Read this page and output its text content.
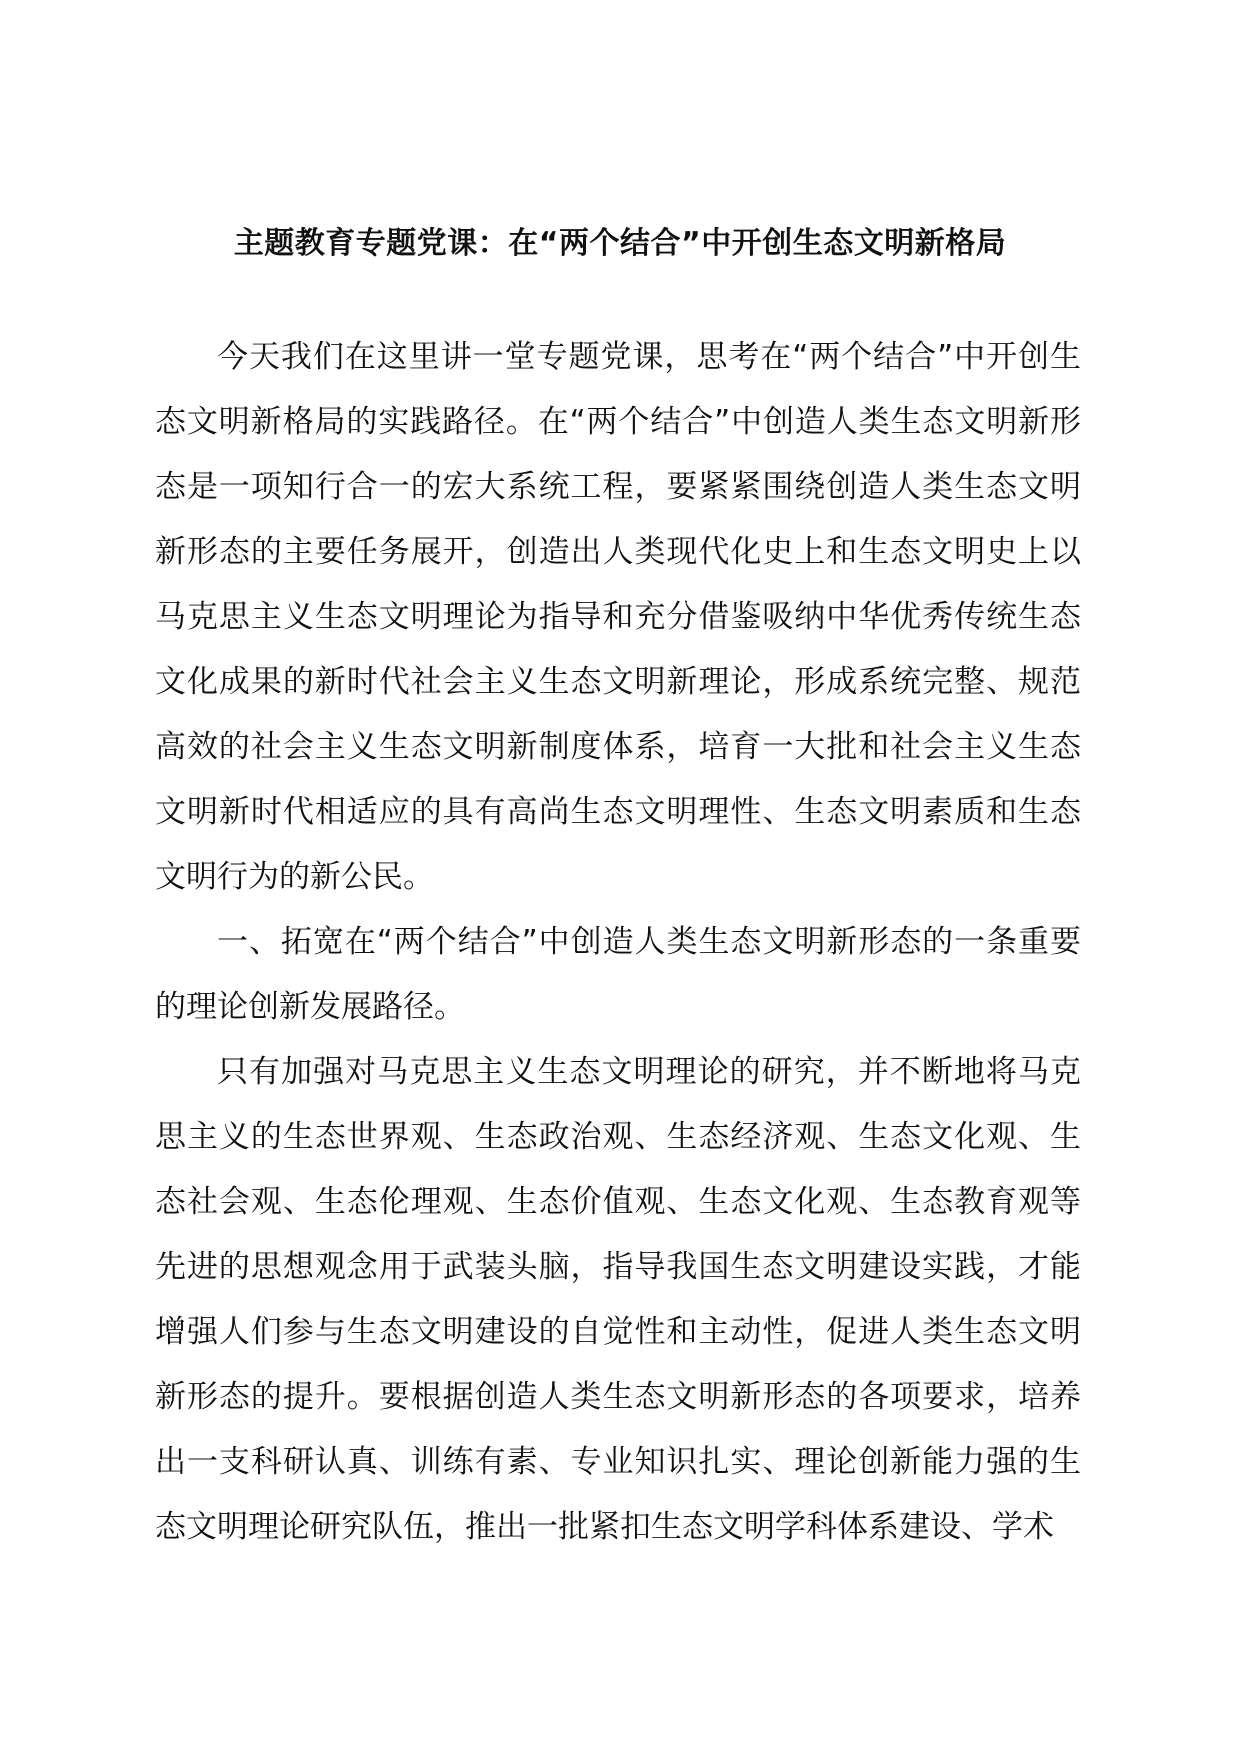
主题教育专题党课：在“两个结合”中开创生态文明新格局

今天我们在这里讲一堂专题党课，思考在“两个结合”中开创生态文明新格局的实践路径。在“两个结合”中创造人类生态文明新形态是一项知行合一的宏大系统工程，要紧紧围绕创造人类生态文明新形态的主要任务展开，创造出人类现代化史上和生态文明史上以马克思主义生态文明理论为指导和充分借鉴吸纳中华优秀传统生态文化成果的新时代社会主义生态文明新理论，形成系统完整、规范高效的社会主义生态文明新制度体系，培育一大批和社会主义生态文明新时代相适应的具有高尚生态文明理性、生态文明素质和生态文明行为的新公民。

一、拓宽在“两个结合”中创造人类生态文明新形态的一条重要的理论创新发展路径。

只有加强对马克思主义生态文明理论的研究，并不断地将马克思主义的生态世界观、生态政治观、生态经济观、生态文化观、生态社会观、生态伦理观、生态价值观、生态文化观、生态教育观等先进的思想观念用于武装头脑，指导我国生态文明建设实践，才能增强人们参与生态文明建设的自觉性和主动性，促进人类生态文明新形态的提升。要根据创造人类生态文明新形态的各项要求，培养出一支科研认真、训练有素、专业知识扎实、理论创新能力强的生态文明理论研究队伍，推出一批紧扣生态文明学科体系建设、学术
